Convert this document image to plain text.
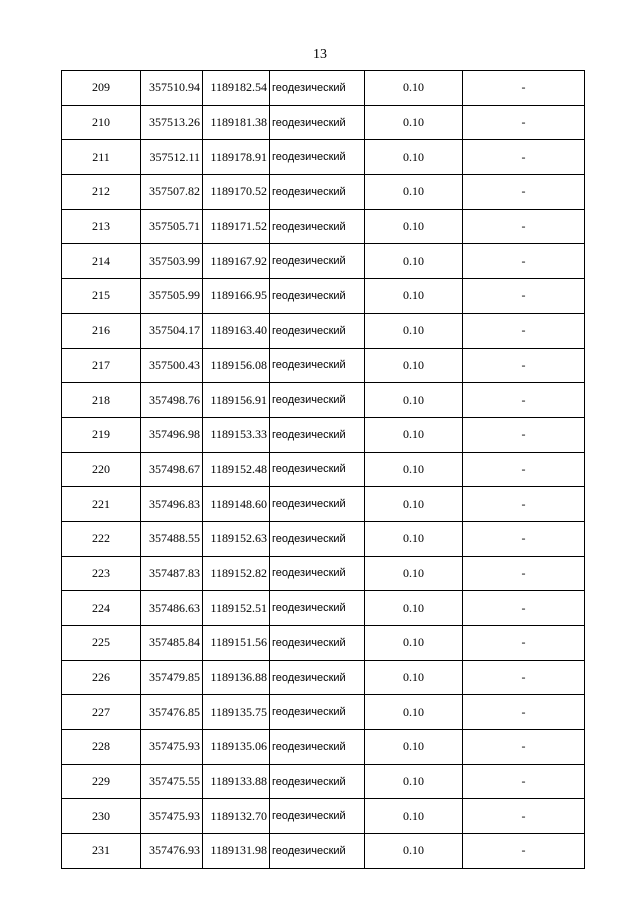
13
209	357510.94	1189182.54	геодезический	0.10	-
210	357513.26	1189181.38	геодезический	0.10	-
211	357512.11	1189178.91	геодезический	0.10	-
212	357507.82	1189170.52	геодезический	0.10	-
213	357505.71	1189171.52	геодезический	0.10	-
214	357503.99	1189167.92	геодезический	0.10	-
215	357505.99	1189166.95	геодезический	0.10	-
216	357504.17	1189163.40	геодезический	0.10	-
217	357500.43	1189156.08	геодезический	0.10	-
218	357498.76	1189156.91	геодезический	0.10	-
219	357496.98	1189153.33	геодезический	0.10	-
220	357498.67	1189152.48	геодезический	0.10	-
221	357496.83	1189148.60	геодезический	0.10	-
222	357488.55	1189152.63	геодезический	0.10	-
223	357487.83	1189152.82	геодезический	0.10	-
224	357486.63	1189152.51	геодезический	0.10	-
225	357485.84	1189151.56	геодезический	0.10	-
226	357479.85	1189136.88	геодезический	0.10	-
227	357476.85	1189135.75	геодезический	0.10	-
228	357475.93	1189135.06	геодезический	0.10	-
229	357475.55	1189133.88	геодезический	0.10	-
230	357475.93	1189132.70	геодезический	0.10	-
231	357476.93	1189131.98	геодезический	0.10	-
